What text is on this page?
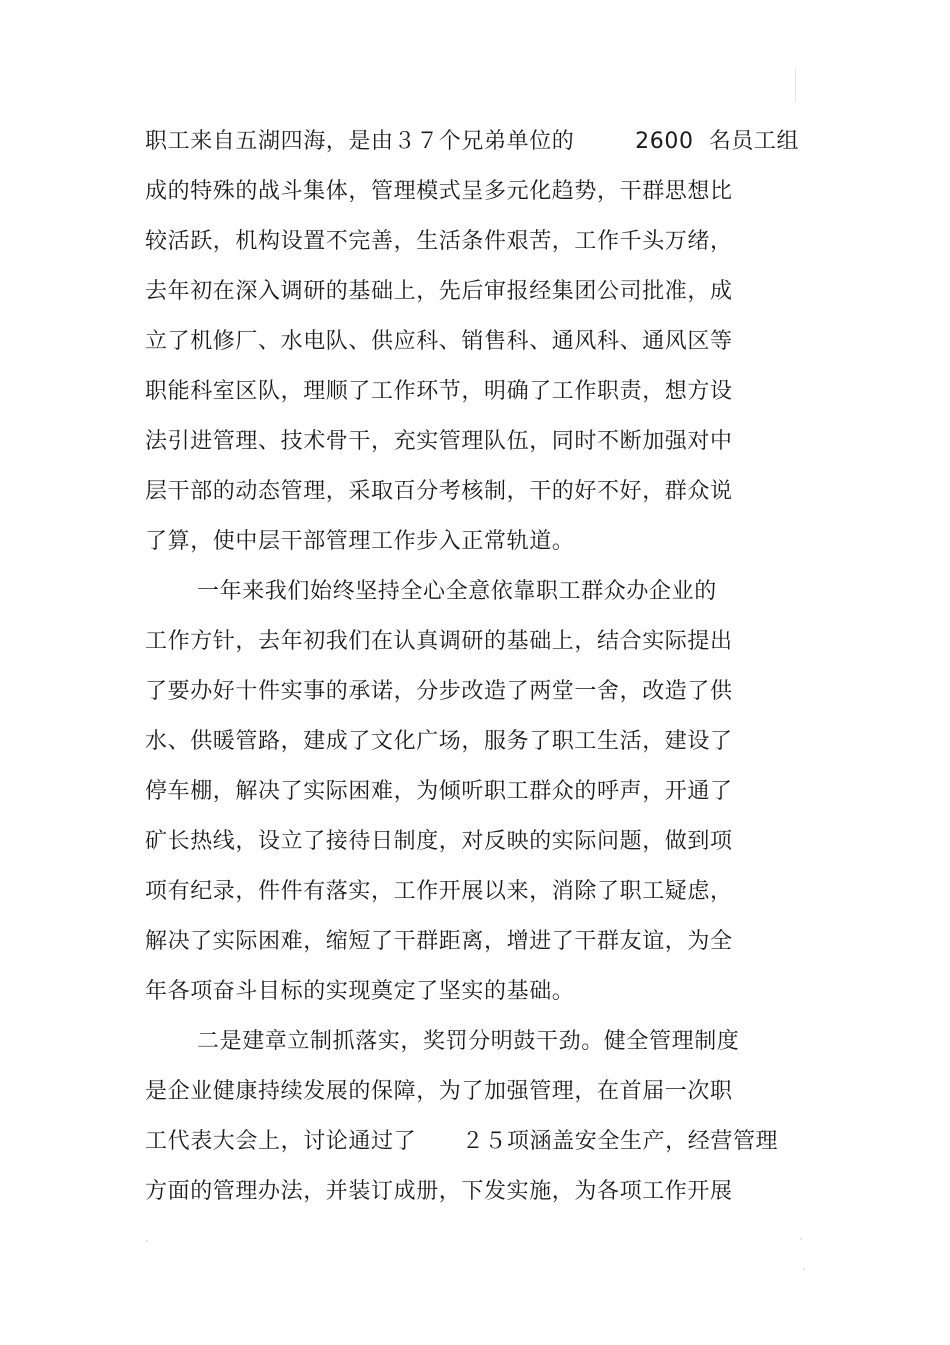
职工来自五湖四海，是由３７个兄弟单位的        2600  名员工组
成的特殊的战斗集体，管理模式呈多元化趋势，干群思想比
较活跃，机构设置不完善，生活条件艰苦，工作千头万绪，
去年初在深入调研的基础上，先后审报经集团公司批准，成
立了机修厂、水电队、供应科、销售科、通风科、通风区等
职能科室区队，理顺了工作环节，明确了工作职责，想方设
法引进管理、技术骨干，充实管理队伍，同时不断加强对中
层干部的动态管理，采取百分考核制，干的好不好，群众说
了算，使中层干部管理工作步入正常轨道。
一年来我们始终坚持全心全意依靠职工群众办企业的
工作方针，去年初我们在认真调研的基础上，结合实际提出
了要办好十件实事的承诺，分步改造了两堂一舍，改造了供
水、供暖管路，建成了文化广场，服务了职工生活，建设了
停车棚，解决了实际困难，为倾听职工群众的呼声，开通了
矿长热线，设立了接待日制度，对反映的实际问题，做到项
项有纪录，件件有落实，工作开展以来，消除了职工疑虑，
解决了实际困难，缩短了干群距离，增进了干群友谊，为全
年各项奋斗目标的实现奠定了坚实的基础。
二是建章立制抓落实，奖罚分明鼓干劲。健全管理制度
是企业健康持续发展的保障，为了加强管理，在首届一次职
工代表大会上，讨论通过了      ２５项涵盖安全生产，经营管理
方面的管理办法，并装订成册，下发实施，为各项工作开展
